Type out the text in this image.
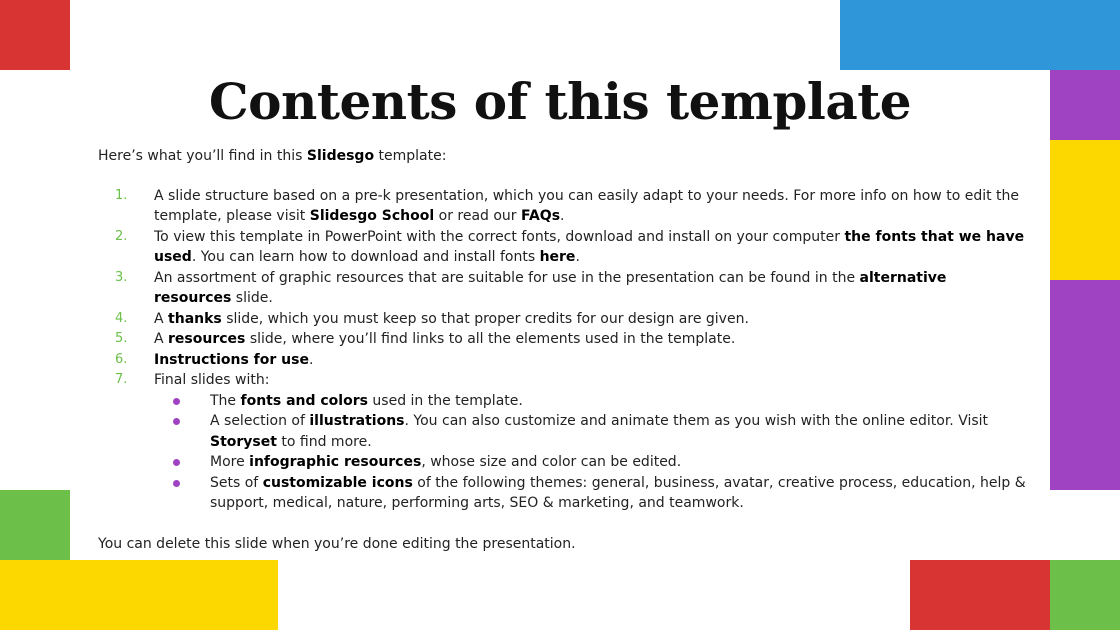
Contents of this template

Here’s what you’ll find in this Slidesgo template:

1. A slide structure based on a pre-k presentation, which you can easily adapt to your needs. For more info on how to edit the template, please visit Slidesgo School or read our FAQs.
2. To view this template in PowerPoint with the correct fonts, download and install on your computer the fonts that we have used. You can learn how to download and install fonts here.
3. An assortment of graphic resources that are suitable for use in the presentation can be found in the alternative resources slide.
4. A thanks slide, which you must keep so that proper credits for our design are given.
5. A resources slide, where you’ll find links to all the elements used in the template.
6. Instructions for use.
7. Final slides with:
The fonts and colors used in the template.
A selection of illustrations. You can also customize and animate them as you wish with the online editor. Visit Storyset to find more.
More infographic resources, whose size and color can be edited.
Sets of customizable icons of the following themes: general, business, avatar, creative process, education, help & support, medical, nature, performing arts, SEO & marketing, and teamwork.

You can delete this slide when you’re done editing the presentation.
